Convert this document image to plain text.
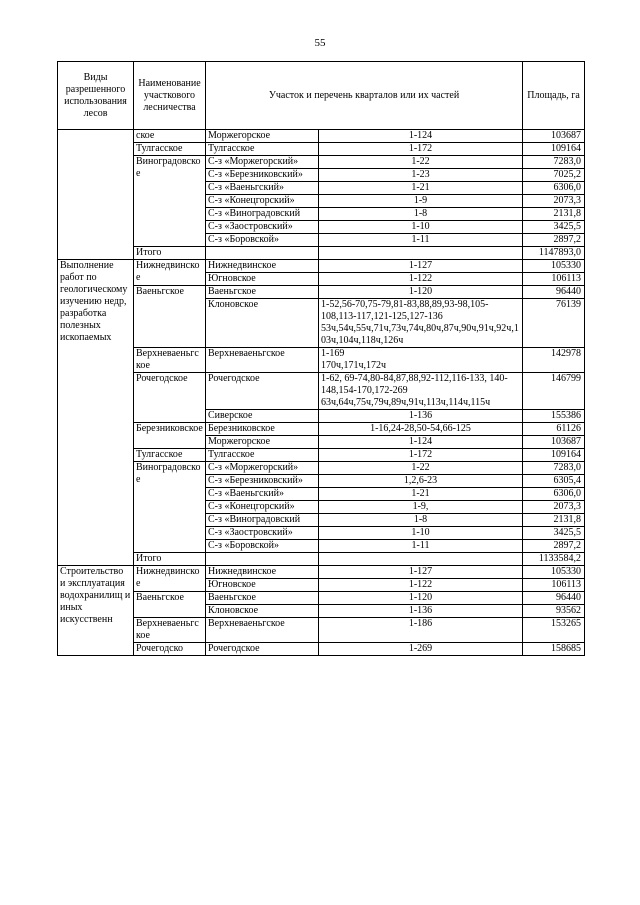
55
Виды разрешенного использования лесов	Наименование участкового лесничества	Участок и перечень кварталов или их частей		Площадь, га
	ское	Моржегорское	1-124	103687
	Тулгасское	Тулгасское	1-172	109164
	Виноградовское	С-з «Моржегорский»	1-22	7283,0
		С-з «Березниковский»	1-23	7025,2
		С-з «Ваеньгский»	1-21	6306,0
		С-з «Конецгорский»	1-9	2073,3
		С-з «Виноградовский	1-8	2131,8
		С-з «Заостровский»	1-10	3425,5
		С-з «Боровской»	1-11	2897,2
	Итого			1147893,0
Выполнение работ по геологическому изучению недр, разработка полезных ископаемых	Нижнедвинское	Нижнедвинское	1-127	105330
		Югновское	1-122	106113
	Ваеньгское	Ваеньгское	1-120	96440
		Клоновское	1-52,56-70,75-79,81-83,88,89,93-98,105-108,113-117,121-125,127-136
53ч,54ч,55ч,71ч,73ч,74ч,80ч,87ч,90ч,91ч,92ч,103ч,104ч,118ч,126ч	76139
	Верхневаеньгское	Верхневаеньгское	1-169
170ч,171ч,172ч	142978
	Рочегодское	Рочегодское	1-62, 69-74,80-84,87,88,92-112,116-133, 140-148,154-170,172-269
63ч,64ч,75ч,79ч,89ч,91ч,113ч,114ч,115ч	146799
		Сиверское	1-136	155386
	Березниковское	Березниковское	1-16,24-28,50-54,66-125	61126
		Моржегорское	1-124	103687
	Тулгасское	Тулгасское	1-172	109164
	Виноградовское	С-з «Моржегорский»	1-22	7283,0
		С-з «Березниковский»	1,2,6-23	6305,4
		С-з «Ваеньгский»	1-21	6306,0
		С-з «Конецгорский»	1-9,	2073,3
		С-з «Виноградовский	1-8	2131,8
		С-з «Заостровский»	1-10	3425,5
		С-з «Боровской»	1-11	2897,2
	Итого			1133584,2
Строительство и эксплуатация водохранилищ и иных искусственн	Нижнедвинское	Нижнедвинское	1-127	105330
		Югновское	1-122	106113
	Ваеньгское	Ваеньгское	1-120	96440
		Клоновское	1-136	93562
	Верхневаеньгское	Верхневаеньгское	1-186	153265
	Рочегодско	Рочегодское	1-269	158685
